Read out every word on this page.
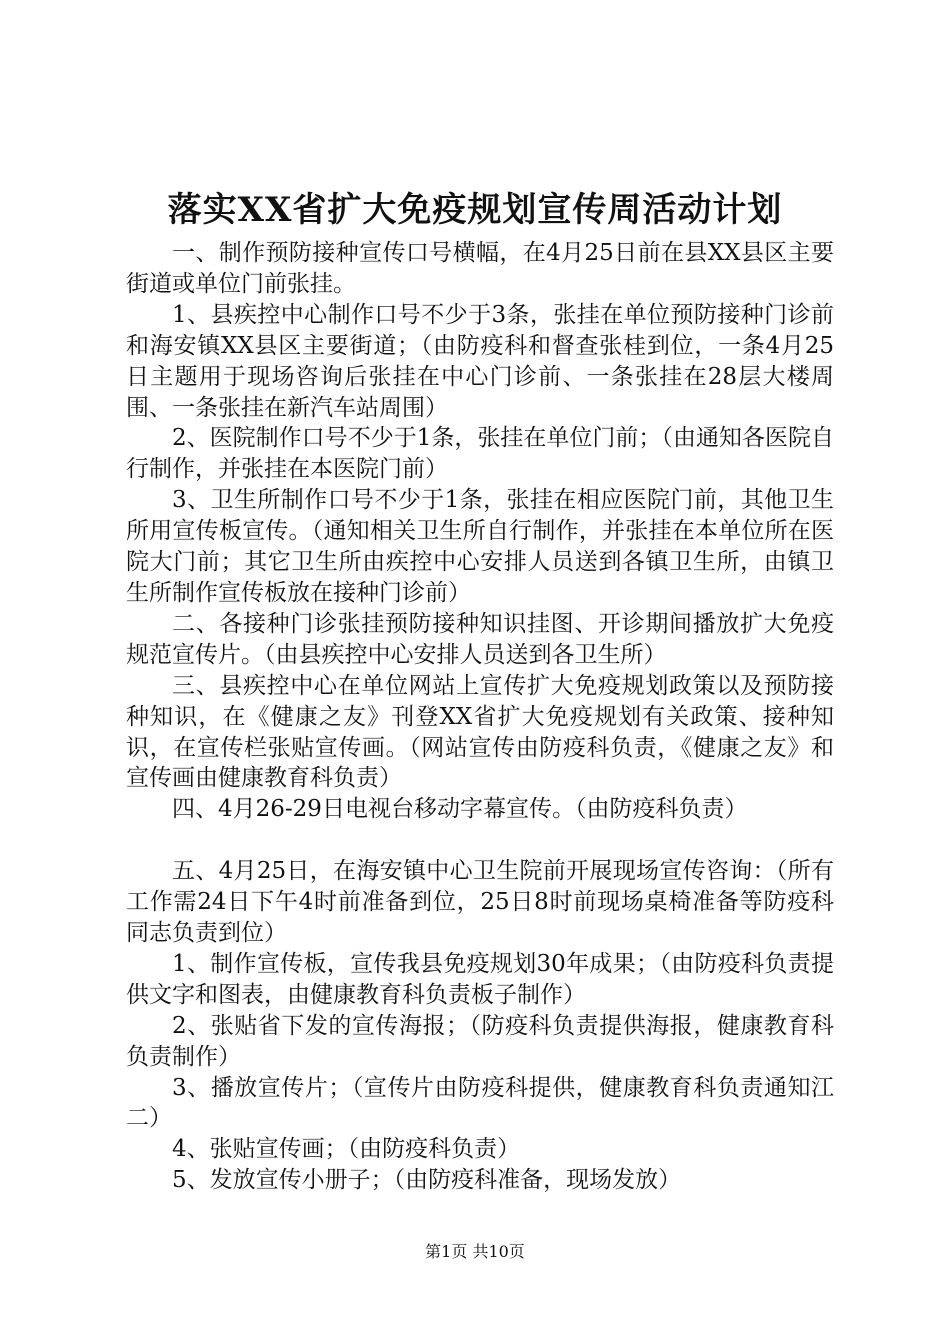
落实XX省扩大免疫规划宣传周活动计划

一、制作预防接种宣传口号横幅，在4月25日前在县XX县区主要街道或单位门前张挂。

1、县疾控中心制作口号不少于3条，张挂在单位预防接种门诊前和海安镇XX县区主要街道；（由防疫科和督查张桂到位，一条4月25日主题用于现场咨询后张挂在中心门诊前、一条张挂在28层大楼周围、一条张挂在新汽车站周围）

2、医院制作口号不少于1条，张挂在单位门前；（由通知各医院自行制作，并张挂在本医院门前）

3、卫生所制作口号不少于1条，张挂在相应医院门前，其他卫生所用宣传板宣传。（通知相关卫生所自行制作，并张挂在本单位所在医院大门前；其它卫生所由疾控中心安排人员送到各镇卫生所，由镇卫生所制作宣传板放在接种门诊前）

二、各接种门诊张挂预防接种知识挂图、开诊期间播放扩大免疫规范宣传片。（由县疾控中心安排人员送到各卫生所）

三、县疾控中心在单位网站上宣传扩大免疫规划政策以及预防接种知识，在《健康之友》刊登XX省扩大免疫规划有关政策、接种知识，在宣传栏张贴宣传画。（网站宣传由防疫科负责，《健康之友》和宣传画由健康教育科负责）

四、4月26-29日电视台移动字幕宣传。（由防疫科负责）

五、4月25日，在海安镇中心卫生院前开展现场宣传咨询：（所有工作需24日下午4时前准备到位，25日8时前现场桌椅准备等防疫科同志负责到位）

1、制作宣传板，宣传我县免疫规划30年成果；（由防疫科负责提供文字和图表，由健康教育科负责板子制作）

2、张贴省下发的宣传海报；（防疫科负责提供海报，健康教育科负责制作）

3、播放宣传片；（宣传片由防疫科提供，健康教育科负责通知江二）

4、张贴宣传画；（由防疫科负责）

5、发放宣传小册子；（由防疫科准备，现场发放）

第1页 共10页
